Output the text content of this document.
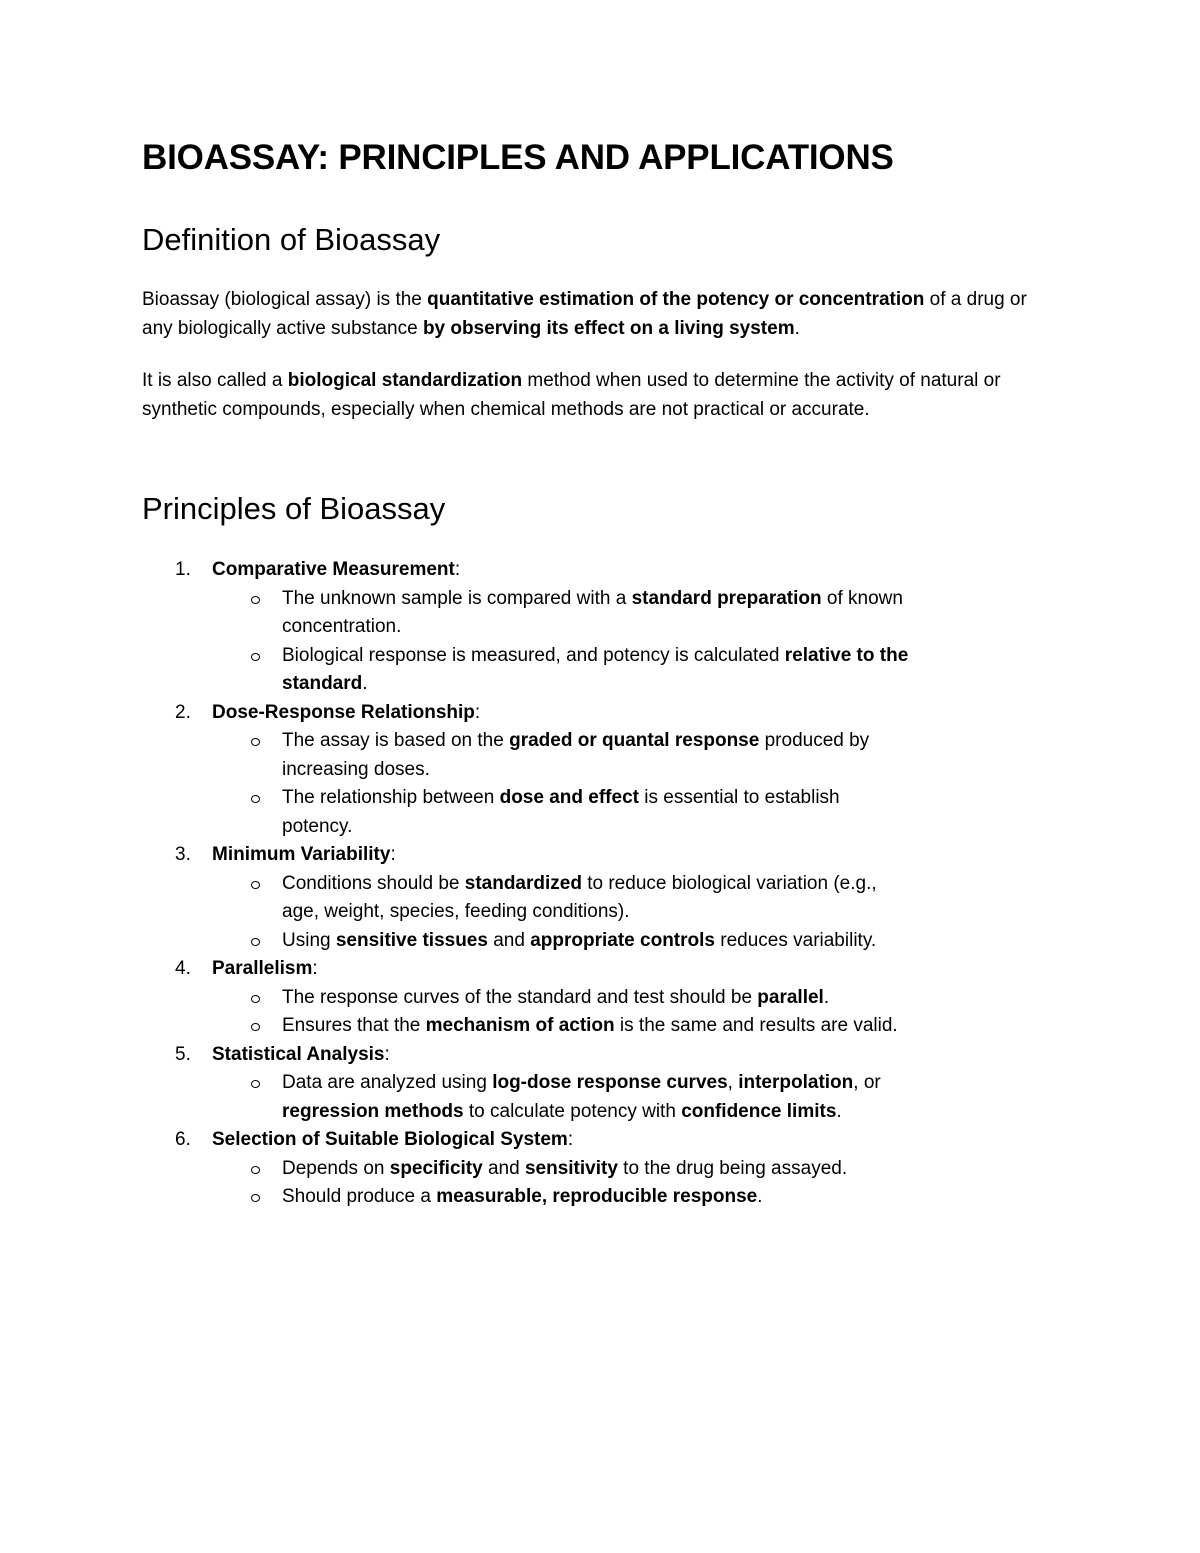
BIOASSAY: PRINCIPLES AND APPLICATIONS
Definition of Bioassay

Bioassay (biological assay) is the quantitative estimation of the potency or concentration of a drug or any biologically active substance by observing its effect on a living system.

It is also called a biological standardization method when used to determine the activity of natural or synthetic compounds, especially when chemical methods are not practical or accurate.

Principles of Bioassay
1. Comparative Measurement:
The unknown sample is compared with a standard preparation of known concentration.
Biological response is measured, and potency is calculated relative to the standard.
2. Dose-Response Relationship:
The assay is based on the graded or quantal response produced by increasing doses.
The relationship between dose and effect is essential to establish potency.
3. Minimum Variability:
Conditions should be standardized to reduce biological variation (e.g., age, weight, species, feeding conditions).
Using sensitive tissues and appropriate controls reduces variability.
4. Parallelism:
The response curves of the standard and test should be parallel.
Ensures that the mechanism of action is the same and results are valid.
5. Statistical Analysis:
Data are analyzed using log-dose response curves, interpolation, or regression methods to calculate potency with confidence limits.
6. Selection of Suitable Biological System:
Depends on specificity and sensitivity to the drug being assayed.
Should produce a measurable, reproducible response.
